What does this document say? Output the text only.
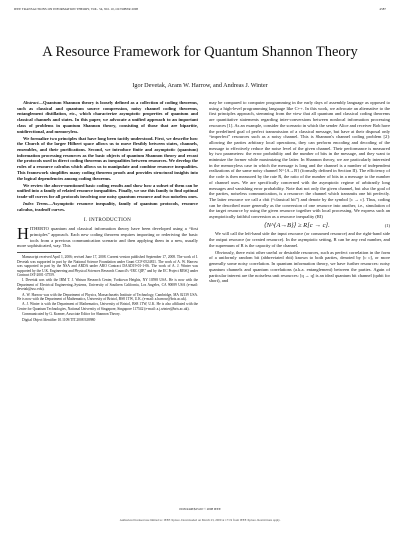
IEEE TRANSACTIONS ON INFORMATION THEORY, VOL. 54, NO. 10, OCTOBER 2008	4587
A Resource Framework for Quantum Shannon Theory
Igor Devetak, Aram W. Harrow, and Andreas J. Winter

Abstract—Quantum Shannon theory is loosely defined as a collection of coding theorems, such as classical and quantum source compression, noisy channel coding theorems, entanglement distillation, etc., which characterize asymptotic properties of quantum and classical channels and states. In this paper, we advocate a unified approach to an important class of problems in quantum Shannon theory, consisting of those that are bipartite, unidirectional, and memoryless.

We formalize two principles that have long been tacitly understood. First, we describe how the Church of the larger Hilbert space allows us to move flexibly between states, channels, ensembles, and their purifications. Second, we introduce finite and asymptotic (quantum) information processing resources as the basic objects of quantum Shannon theory and recast the protocols used in direct coding theorems as inequalities between resources. We develop the rules of a resource calculus which allows us to manipulate and combine resource inequalities. This framework simplifies many coding theorem proofs and provides structural insights into the logical dependencies among coding theorems.

We review the above-mentioned basic coding results and show how a subset of them can be unified into a family of related resource inequalities. Finally, we use this family to find optimal trade-off curves for all protocols involving one noisy quantum resource and two noiseless ones.

Index Terms—Asymptotic resource inequality, family of quantum protocols, resource calculus, tradeoff curves.

I. INTRODUCTION

HITHERTO quantum and classical information theory have been developed using a “first principles” approach. Each new coding theorem requires importing or rederiving the basic tools from a previous communication scenario and then applying them in a new, usually more sophisticated, way. This

Manuscript received April 1, 2006; revised June 17, 2008. Current version published September 17, 2008. The work of I. Devetak was supported in part by the National Science Foundation under Grant CCF-0524811. The work of A. W. Harrow was supported in part by the NSA and ARDA under ARO Contract DAAD19-01-1-06. The work of A. J. Winter was supported by the U.K. Engineering and Physical Sciences Research Council's “IRC QIP,” and by the EC Project RESQ under Contract IST-2001-37559.

I. Devetak was with the IBM T. J. Watson Research Center, Yorktown Heights, NY 10598 USA. He is now with the Department of Electrical Engineering–Systems, University of Southern California, Los Angeles, CA 90089 USA (e-mail: devetak@usc.edu).

A. W. Harrow was with the Department of Physics, Massachusetts Institute of Technology, Cambridge, MA 02139 USA. He is now with the Department of Mathematics, University of Bristol, BS8 1TW, U.K. (e-mail: a.harrow@bris.ac.uk).

A. J. Winter is with the Department of Mathematics, University of Bristol, BS8 1TW, U.K. He is also affiliated with the Centre for Quantum Technologies, National University of Singapore, Singapore 117542 (e-mail: a.j.winter@bris.ac.uk).

Communicated by G. Kramer, Associate Editor for Shannon Theory.

Digital Object Identifier 10.1109/TIT.2008.928980

may be compared to computer programming in the early days of assembly language as opposed to using a high-level programming language like C++. In this work, we advocate an alternative to the first principles approach, stemming from the view that all quantum and classical coding theorems are quantitative statements regarding inter-conversions between nonlocal information processing resources [1]. As an example, consider the scenario in which the sender Alice and receiver Bob have the predefined goal of perfect transmission of a classical message, but have at their disposal only “imperfect” resources such as a noisy channel. This is Shannon's channel coding problem [2]: allowing the parties arbitrary local operations, they can perform encoding and decoding of the message to effectively reduce the noise level of the given channel. Their performance is measured by two parameters: the error probability and the number of bits in the message, and they want to minimize the former while maximizing the latter. In Shannon theory, we are particularly interested in the memoryless case in which the message is long and the channel is a number of independent realizations of the same noisy channel N^{A→B} (formally defined in Section II). The efficiency of the code is then measured by the rate R, the ratio of the number of bits in a message to the number of channel uses. We are specifically concerned with the asymptotic regime of arbitrarily long messages and vanishing error probability. Note that not only the given channel, but also the goal of the parties, noiseless communication, is a resource: the channel which transmits one bit perfectly. The latter resource we call a cbit (“classical bit”) and denote by the symbol [c → c]. Thus, coding can be described more generally as the conversion of one resource into another, i.e., simulation of the target resource by using the given resource together with local processing. We express such an asymptotically faithful conversion as a resource inequality (RI)

(1)
⟨N^{A→B}⟩ ≥ R[c → c].

We will call the left-hand side the input resource (or consumed resource) and the right-hand side the output resource (or created resource). In the asymptotic setting, R can be any real number, and the supremum of R is the capacity of the channel.

Obviously, there exist other useful or desirable resources, such as perfect correlation in the form of a uniformly random bit (abbreviated rbit) known to both parties, denoted by [c c], or more generally some noisy correlation. In quantum information theory, we have further resources: noisy quantum channels and quantum correlations (a.k.a. entanglement) between the parties. Again of particular interest are the noiseless unit resources: [q → q] is an ideal quantum bit channel (qubit for short), and

0018-9448/$25.00 © 2008 IEEE
Authorized licensed use limited to: IEEE Xplore. Downloaded on March 23, 2009 at 17:19 from IEEE Xplore. Restrictions apply.
